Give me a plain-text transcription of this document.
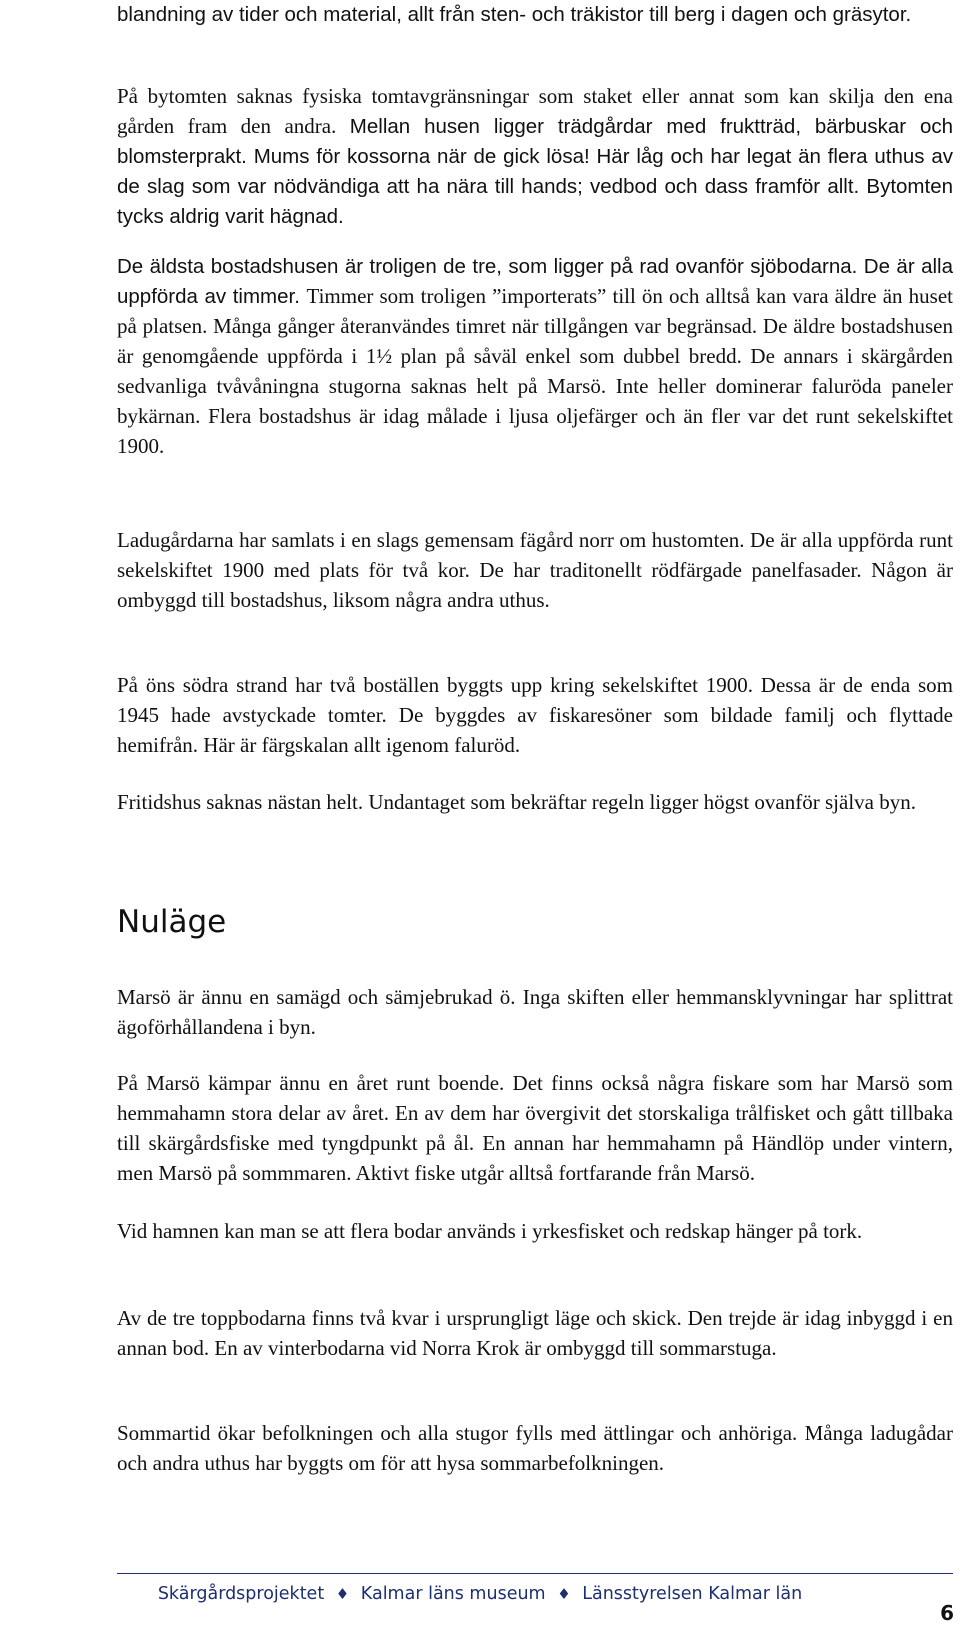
blandning av tider och material, allt från sten- och träkistor till berg i dagen och gräsytor.

På bytomten saknas fysiska tomtavgränsningar som staket eller annat som kan skilja den ena gården fram den andra. Mellan husen ligger trädgårdar med fruktträd, bärbuskar och blomsterprakt. Mums för kossorna när de gick lösa! Här låg och har legat än flera uthus av de slag som var nödvändiga att ha nära till hands; vedbod och dass framför allt. Bytomten tycks aldrig varit hägnad.

De äldsta bostadshusen är troligen de tre, som ligger på rad ovanför sjöbodarna. De är alla uppförda av timmer. Timmer som troligen ”importerats” till ön och alltså kan vara äldre än huset på platsen. Många gånger återanvändes timret när tillgången var begränsad. De äldre bostadshusen är genomgående uppförda i 1½ plan på såväl enkel som dubbel bredd. De annars i skärgården sedvanliga tvåvåningna stugorna saknas helt på Marsö. Inte heller dominerar faluröda paneler bykärnan. Flera bostadshus är idag målade i ljusa oljefärger och än fler var det runt sekelskiftet 1900.

Ladugårdarna har samlats i en slags gemensam fägård norr om hustomten. De är alla uppförda runt sekelskiftet 1900 med plats för två kor. De har traditonellt rödfärgade panelfasader. Någon är ombyggd till bostadshus, liksom några andra uthus.

På öns södra strand har två boställen byggts upp kring sekelskiftet 1900. Dessa är de enda som 1945 hade avstyckade tomter. De byggdes av fiskaresöner som bildade familj och flyttade hemifrån. Här är färgskalan allt igenom faluröd.

Fritidshus saknas nästan helt. Undantaget som bekräftar regeln ligger högst ovanför själva byn.

Nuläge

Marsö är ännu en samägd och sämjebrukad ö. Inga skiften eller hemmansklyvningar har splittrat ägoförhållandena i byn.

På Marsö kämpar ännu en året runt boende. Det finns också några fiskare som har Marsö som hemmahamn stora delar av året. En av dem har övergivit det storskaliga trålfisket och gått tillbaka till skärgårdsfiske med tyngdpunkt på ål. En annan har hemmahamn på Händlöp under vintern, men Marsö på sommmaren. Aktivt fiske utgår alltså fortfarande från Marsö.

Vid hamnen kan man se att flera bodar används i yrkesfisket och redskap hänger på tork.

Av de tre toppbodarna finns två kvar i ursprungligt läge och skick. Den trejde är idag inbyggd i en annan bod. En av vinterbodarna vid Norra Krok är ombyggd till sommarstuga.

Sommartid ökar befolkningen och alla stugor fylls med ättlingar och anhöriga. Många ladugådar och andra uthus har byggts om för att hysa sommarbefolkningen.

Skärgårdsprojektet ♦ Kalmar läns museum ♦ Länsstyrelsen Kalmar län
6
